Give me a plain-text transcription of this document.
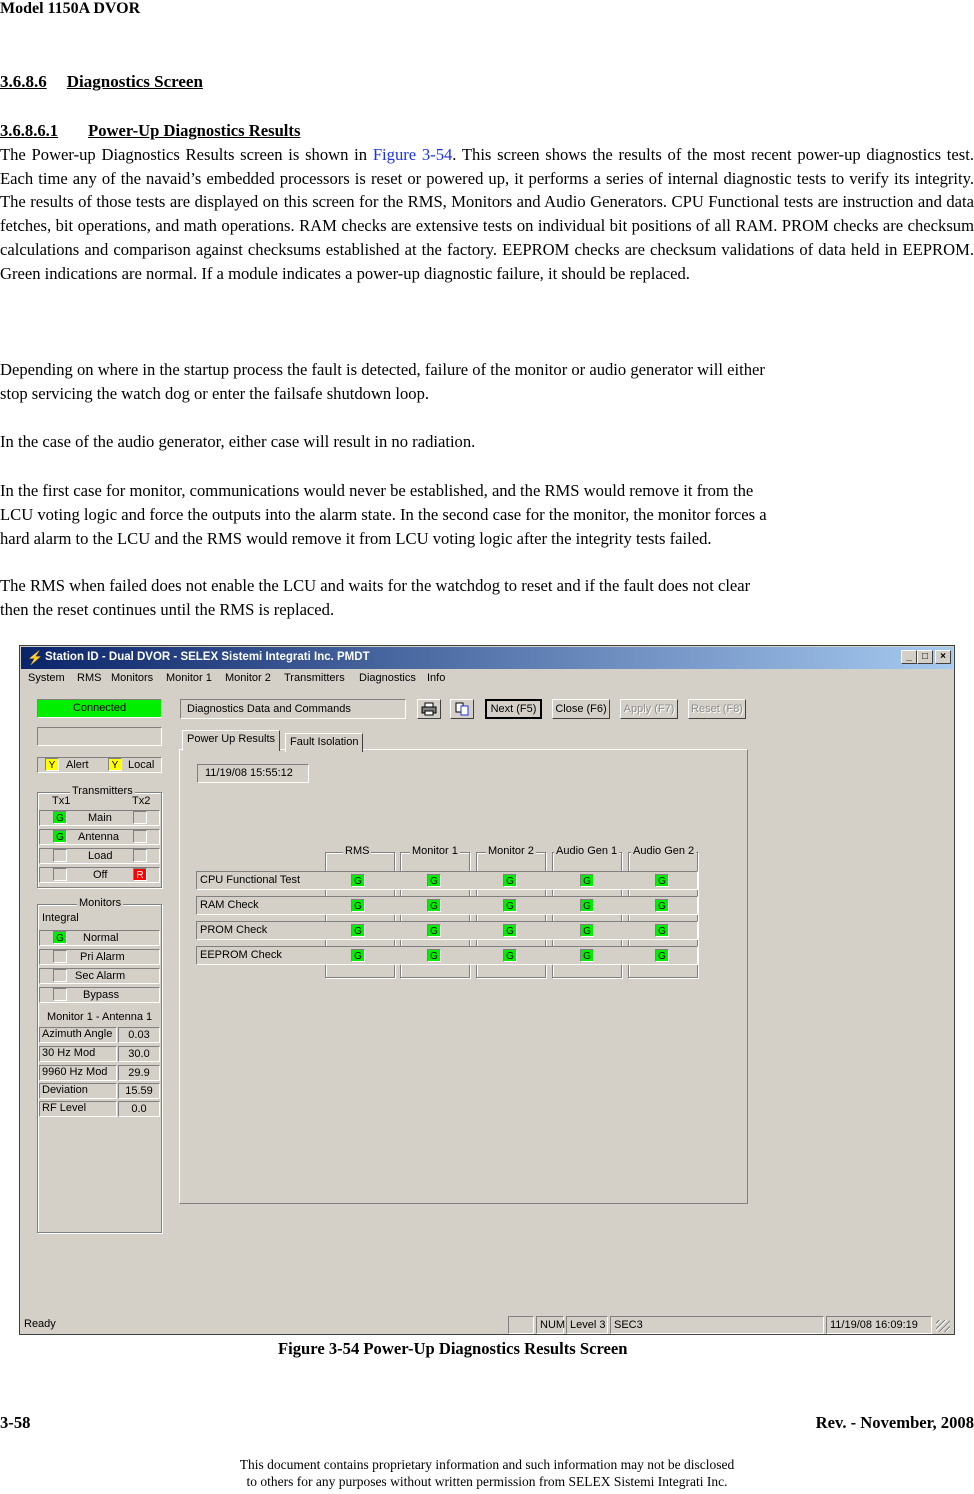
Model 1150A DVOR
3.6.8.6 Diagnostics Screen
3.6.8.6.1 Power-Up Diagnostics Results

The Power-up Diagnostics Results screen is shown in Figure 3-54. This screen shows the results of the most recent power-up diagnostics test. Each time any of the navaid’s embedded processors is reset or powered up, it performs a series of internal diagnostic tests to verify its integrity. The results of those tests are displayed on this screen for the RMS, Monitors and Audio Generators. CPU Functional tests are instruction and data fetches, bit operations, and math operations. RAM checks are extensive tests on individual bit positions of all RAM. PROM checks are checksum calculations and comparison against checksums established at the factory. EEPROM checks are checksum validations of data held in EEPROM. Green indications are normal. If a module indicates a power-up diagnostic failure, it should be replaced.

Depending on where in the startup process the fault is detected, failure of the monitor or audio generator will either
stop servicing the watch dog or enter the failsafe shutdown loop.
In the case of the audio generator, either case will result in no radiation.
In the first case for monitor, communications would never be established, and the RMS would remove it from the
LCU voting logic and force the outputs into the alarm state. In the second case for the monitor, the monitor forces a
hard alarm to the LCU and the RMS would remove it from LCU voting logic after the integrity tests failed.
The RMS when failed does not enable the LCU and waits for the watchdog to reset and if the fault does not clear
then the reset continues until the RMS is replaced.
⚡ Station ID - Dual DVOR - SELEX Sistemi Integrati Inc. PMDT	_	□	×
System RMS Monitors Monitor 1 Monitor 2 Transmitters Diagnostics Info
Connected
Y Alert	Y Local
Transmitters
Tx1	Tx2
G Main
G Antenna
Load
Off	R
Monitors
Integral
G Normal
Pri Alarm
Sec Alarm
Bypass
Monitor 1 - Antenna 1
Azimuth Angle	0.03
30 Hz Mod	30.0
9960 Hz Mod	29.9
Deviation	15.59
RF Level	0.0
Diagnostics Data and Commands	Next (F5)	Close (F6)	Apply (F7)	Reset (F8)
Power Up Results	Fault Isolation
11/19/08 15:55:12
RMS	Monitor 1	Monitor 2 Audio Gen 1 Audio Gen 2
CPU Functional Test	G	G	G	G	G
RAM Check	G	G	G	G	G
PROM Check	G	G	G	G	G
EEPROM Check	G	G	G	G	G
Ready	NUM Level 3 SEC3	11/19/08 16:09:19
Figure 3-54 Power-Up Diagnostics Results Screen
3-58	Rev. - November, 2008
This document contains proprietary information and such information may not be disclosed
to others for any purposes without written permission from SELEX Sistemi Integrati Inc.
